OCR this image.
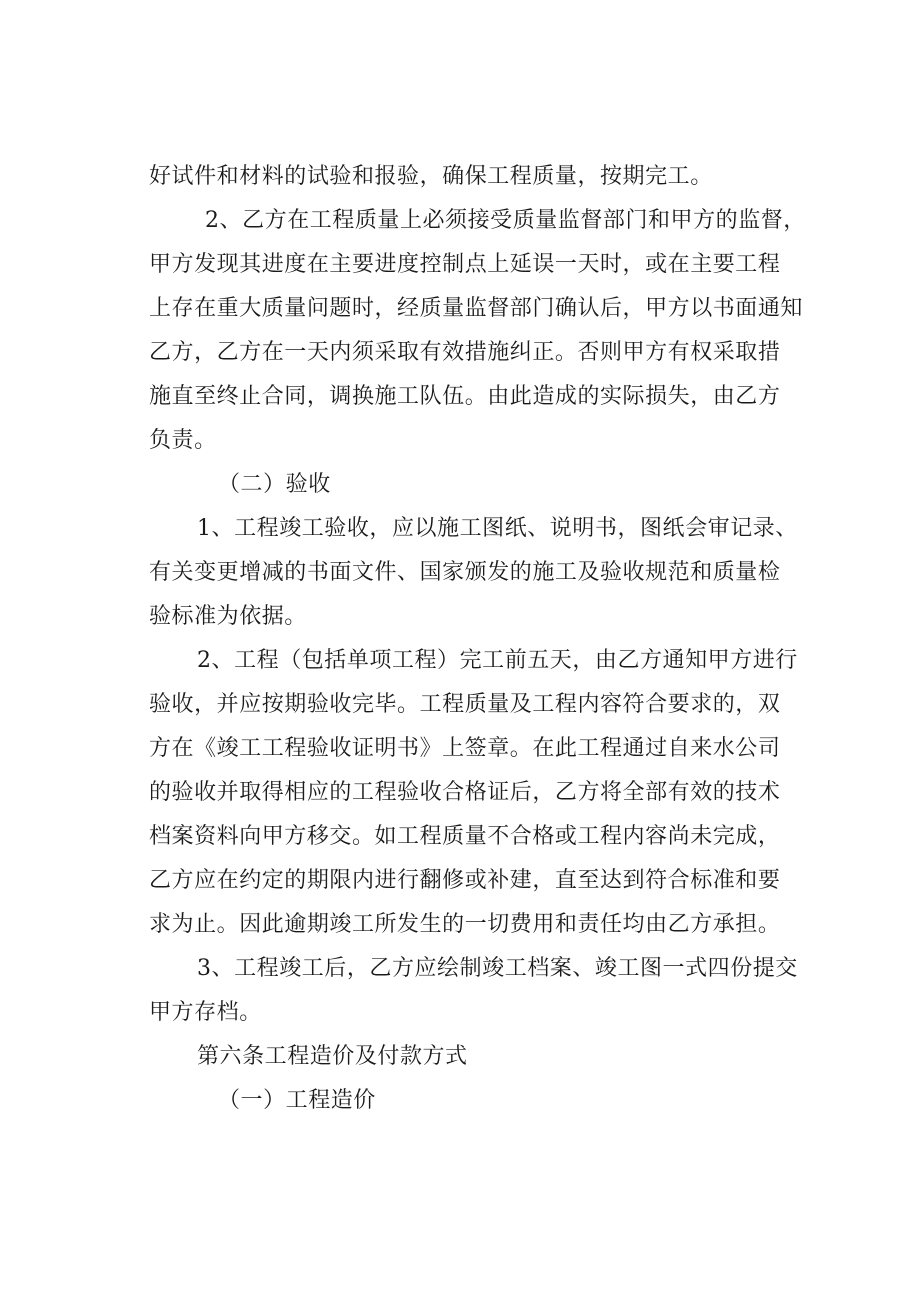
好试件和材料的试验和报验，确保工程质量，按期完工。
2、乙方在工程质量上必须接受质量监督部门和甲方的监督，
甲方发现其进度在主要进度控制点上延误一天时，或在主要工程
上存在重大质量问题时，经质量监督部门确认后，甲方以书面通知
乙方，乙方在一天内须采取有效措施纠正。否则甲方有权采取措
施直至终止合同，调换施工队伍。由此造成的实际损失，由乙方
负责。
（二）验收
1、工程竣工验收，应以施工图纸、说明书，图纸会审记录、
有关变更增减的书面文件、国家颁发的施工及验收规范和质量检
验标准为依据。
2、工程（包括单项工程）完工前五天，由乙方通知甲方进行
验收，并应按期验收完毕。工程质量及工程内容符合要求的，双
方在《竣工工程验收证明书》上签章。在此工程通过自来水公司
的验收并取得相应的工程验收合格证后，乙方将全部有效的技术
档案资料向甲方移交。如工程质量不合格或工程内容尚未完成，
乙方应在约定的期限内进行翻修或补建，直至达到符合标准和要
求为止。因此逾期竣工所发生的一切费用和责任均由乙方承担。
3、工程竣工后，乙方应绘制竣工档案、竣工图一式四份提交
甲方存档。
第六条工程造价及付款方式
（一）工程造价
